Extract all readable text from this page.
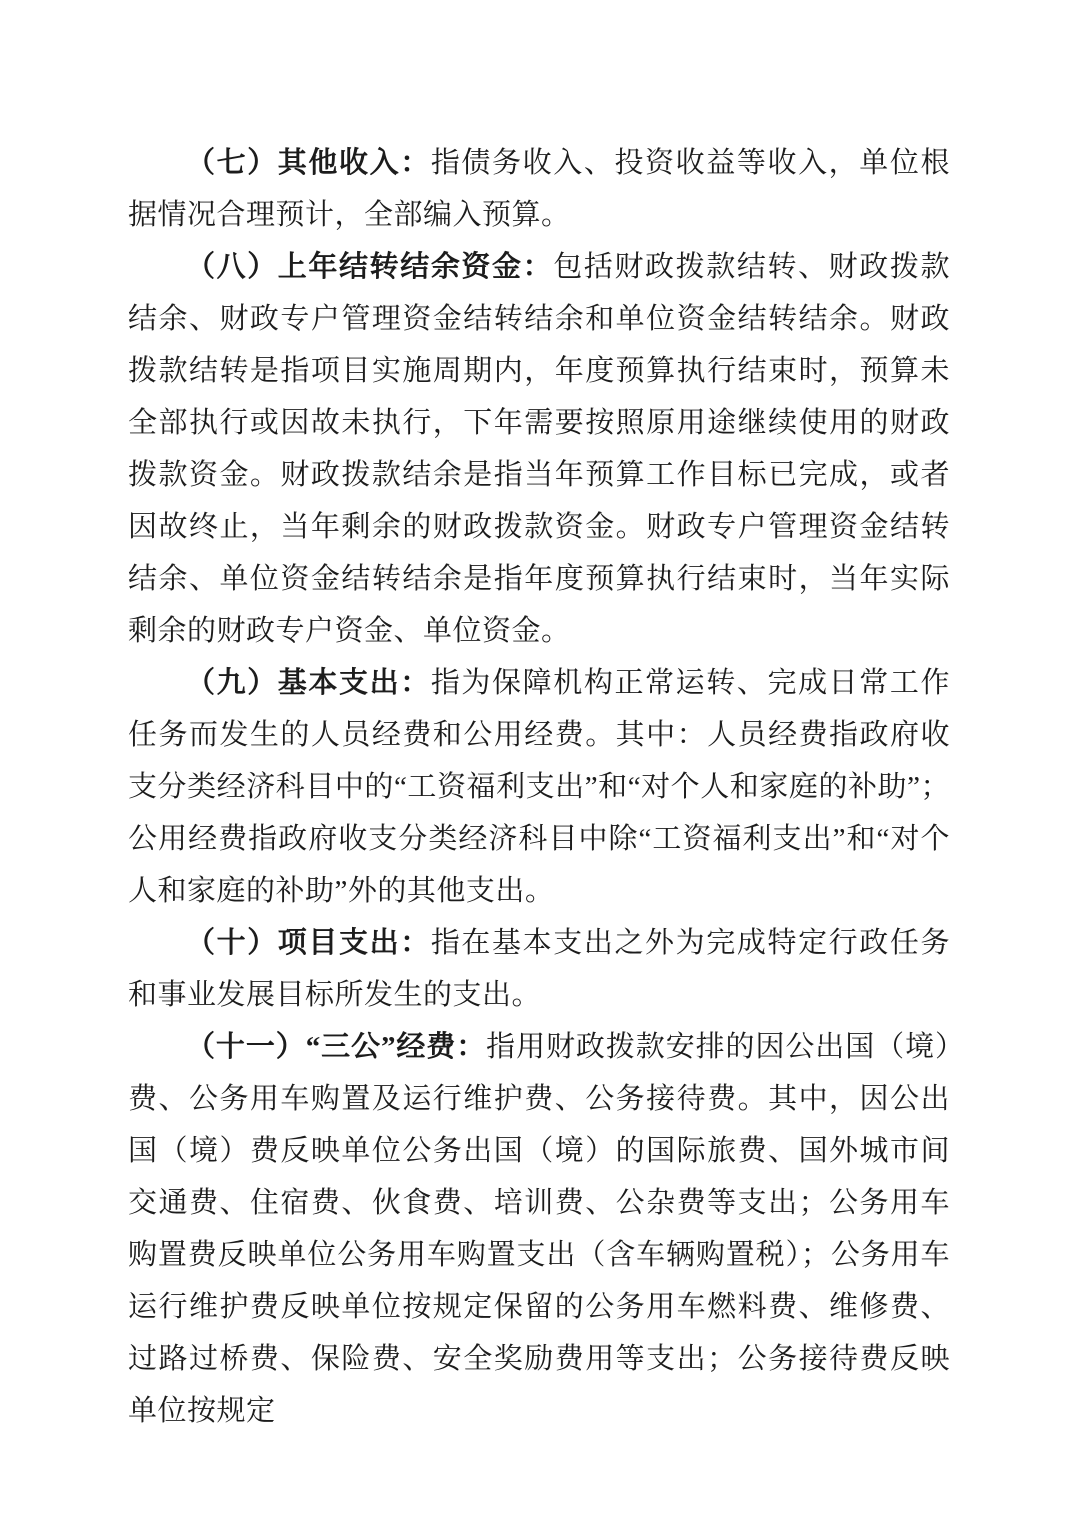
（七）其他收入：指债务收入、投资收益等收入，单位根据情况合理预计，全部编入预算。

（八）上年结转结余资金：包括财政拨款结转、财政拨款结余、财政专户管理资金结转结余和单位资金结转结余。财政拨款结转是指项目实施周期内，年度预算执行结束时，预算未全部执行或因故未执行，下年需要按照原用途继续使用的财政拨款资金。财政拨款结余是指当年预算工作目标已完成，或者因故终止，当年剩余的财政拨款资金。财政专户管理资金结转结余、单位资金结转结余是指年度预算执行结束时，当年实际剩余的财政专户资金、单位资金。

（九）基本支出：指为保障机构正常运转、完成日常工作任务而发生的人员经费和公用经费。其中：人员经费指政府收支分类经济科目中的“工资福利支出”和“对个人和家庭的补助”；公用经费指政府收支分类经济科目中除“工资福利支出”和“对个人和家庭的补助”外的其他支出。

（十）项目支出：指在基本支出之外为完成特定行政任务和事业发展目标所发生的支出。

（十一）“三公”经费：指用财政拨款安排的因公出国（境）费、公务用车购置及运行维护费、公务接待费。其中，因公出国（境）费反映单位公务出国（境）的国际旅费、国外城市间交通费、住宿费、伙食费、培训费、公杂费等支出；公务用车购置费反映单位公务用车购置支出（含车辆购置税）；公务用车运行维护费反映单位按规定保留的公务用车燃料费、维修费、过路过桥费、保险费、安全奖励费用等支出；公务接待费反映单位按规定
